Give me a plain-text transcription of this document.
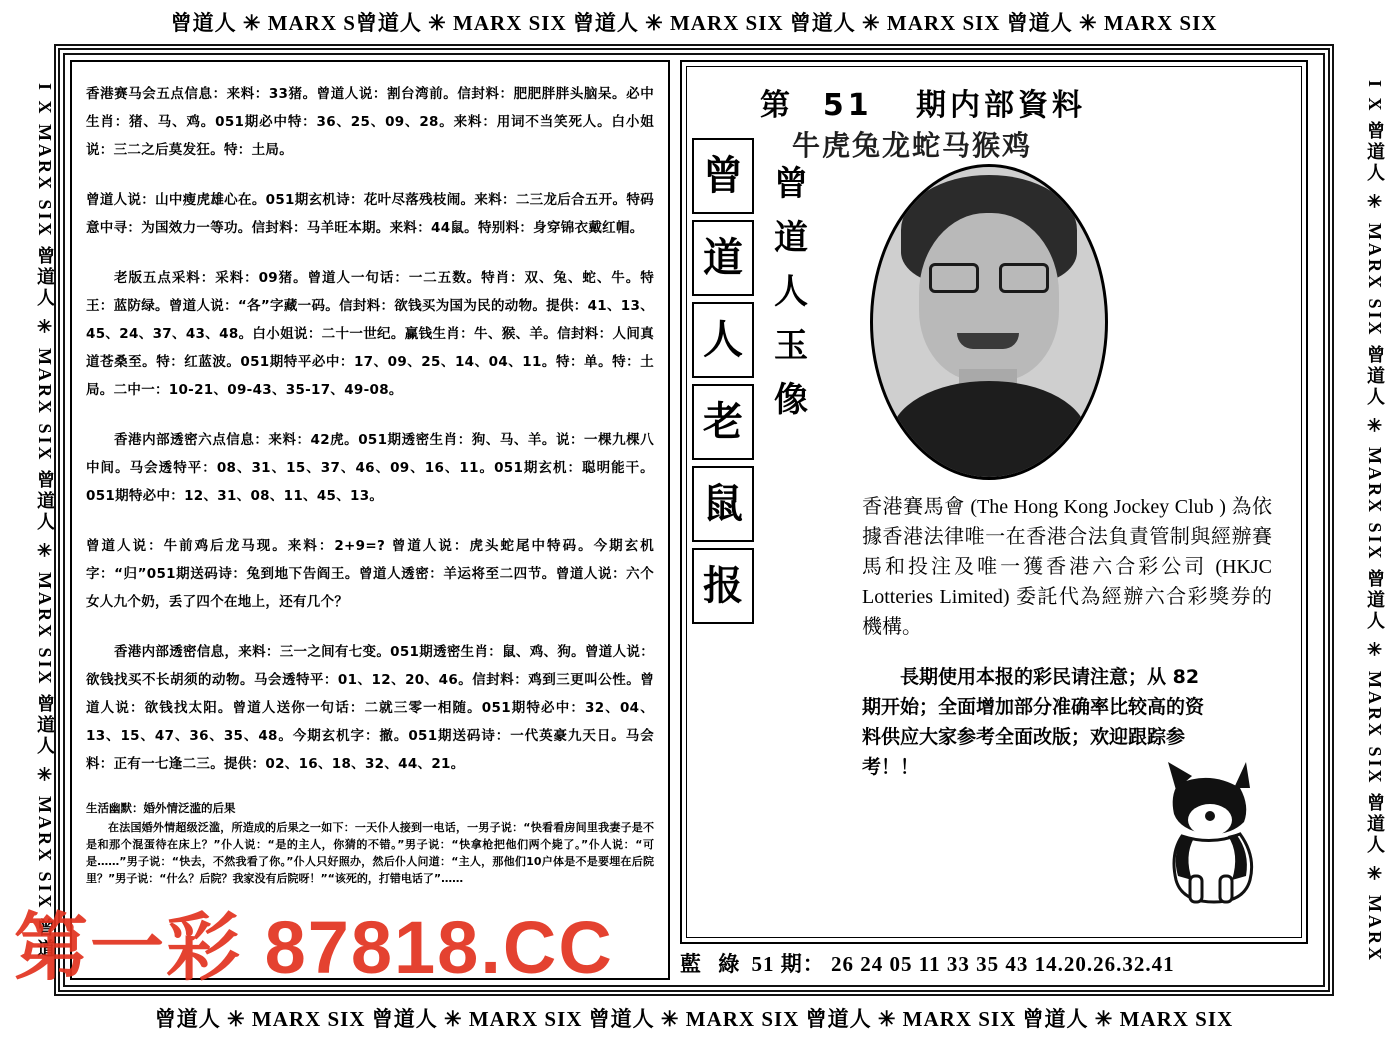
曾道人 ✳ MARX S曾道人 ✳ MARX SIX 曾道人 ✳ MARX SIX 曾道人 ✳ MARX SIX 曾道人 ✳ MARX SIX
曾道人 ✳ MARX SIX 曾道人 ✳ MARX SIX 曾道人 ✳ MARX SIX 曾道人 ✳ MARX SIX 曾道人 ✳ MARX SIX
I X MARX SIX 曾道人 ✳ MARX SIX 曾道人 ✳ MARX SIX 曾道人 ✳ MARX SIX 曾道	I X 曾道人 ✳ MARX SIX 曾道人 ✳ MARX SIX 曾道人 ✳ MARX SIX 曾道人 ✳ MARX

香港赛马会五点信息：来料：33猪。曾道人说：割台湾前。信封料：肥肥胖胖头脑呆。必中生肖：猪、马、鸡。051期必中特：36、25、09、28。来料：用词不当笑死人。白小姐说：三二之后莫发狂。特：土局。

曾道人说：山中瘦虎雄心在。051期玄机诗：花叶尽落残枝闹。来料：二三龙后合五开。特码意中寻：为国效力一等功。信封料：马羊旺本期。来料：44鼠。特别料：身穿锦衣戴红帽。

老版五点采料：采料：09猪。曾道人一句话：一二五数。特肖：双、兔、蛇、牛。特王：蓝防绿。曾道人说：“各”字藏一码。信封料：欲钱买为国为民的动物。提供：41、13、45、24、37、43、48。白小姐说：二十一世纪。赢钱生肖：牛、猴、羊。信封料：人间真道苍桑至。特：红蓝波。051期特平必中：17、09、25、14、04、11。特：单。特：土局。二中一：10-21、09-43、35-17、49-08。

香港内部透密六点信息：来料：42虎。051期透密生肖：狗、马、羊。说：一棵九棵八中间。马会透特平：08、31、15、37、46、09、16、11。051期玄机：聪明能干。051期特必中：12、31、08、11、45、13。

曾道人说：牛前鸡后龙马现。来料：2+9=? 曾道人说：虎头蛇尾中特码。今期玄机字：“归”051期送码诗：兔到地下告阎王。曾道人透密：羊运将至二四节。曾道人说：六个女人九个奶，丢了四个在地上，还有几个？

香港内部透密信息，来料：三一之间有七变。051期透密生肖：鼠、鸡、狗。曾道人说：欲钱找买不长胡须的动物。马会透特平：01、12、20、46。信封料：鸡到三更叫公性。曾道人说：欲钱找太阳。曾道人送你一句话：二就三零一相随。051期特必中：32、04、13、15、47、36、35、48。今期玄机字：撤。051期送码诗：一代英豪九天日。马会料：正有一七逢二三。提供：02、16、18、32、44、21。

生活幽默：婚外情泛滥的后果
在法国婚外情超级泛滥，所造成的后果之一如下：一天仆人接到一电话，一男子说：“快看看房间里我妻子是不是和那个混蛋待在床上？”仆人说：“是的主人，你猜的不错。”男子说：“快拿枪把他们两个毙了。”仆人说：“可是……”男子说：“快去，不然我看了你。”仆人只好照办，然后仆人问道：“主人，那他们10户体是不是要埋在后院里？”男子说：“什么？后院？我家没有后院呀！”“该死的，打错电话了”……
第  51   期内部資料
牛虎兔龙蛇马猴鸡
曾
道
人
老
鼠
报
曾
道
人
玉
像
香港賽馬會 (The Hong Kong Jockey Club ) 為依據香港法律唯一在香港合法負責管制與經辦賽馬和投注及唯一獲香港六合彩公司 (HKJC Lotteries Limited) 委託代為經辦六合彩獎券的機構。
長期使用本报的彩民请注意；从 82 期开始；全面增加部分准确率比较高的资料供应大家参考全面改版；欢迎跟踪参考！！
藍 綠 51 期： 26 24 05 11 33 35 43 14.20.26.32.41
第一彩 87818.CC
